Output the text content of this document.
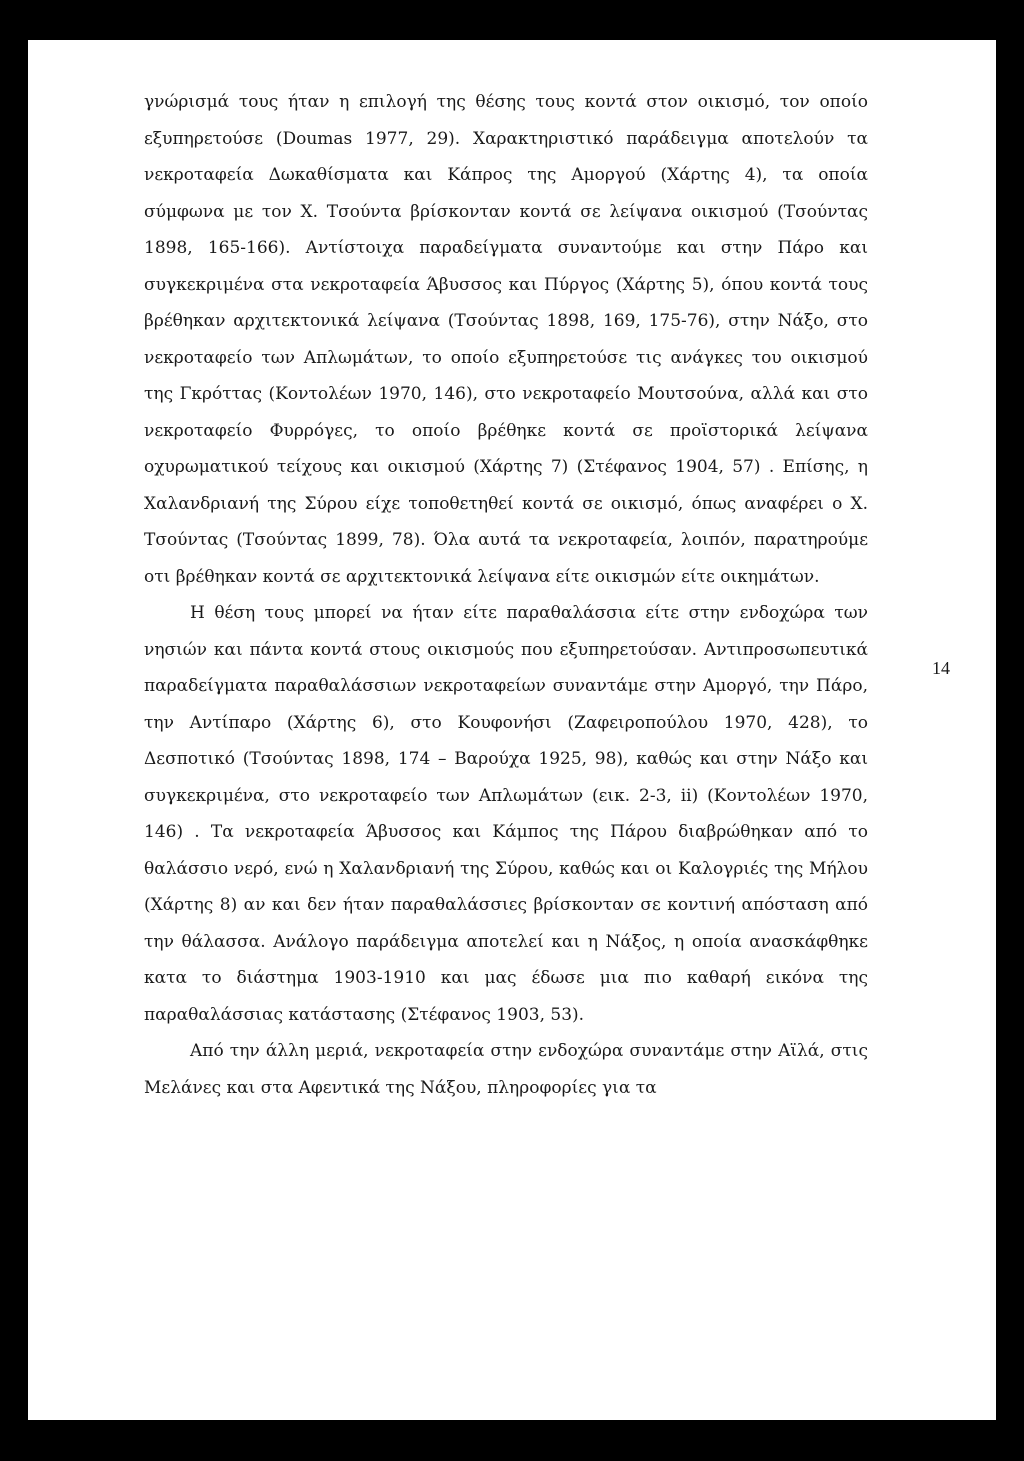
γνώρισμά τους ήταν η επιλογή της θέσης τους κοντά στον οικισμό, τον οποίο εξυπηρετούσε (Doumas 1977, 29). Χαρακτηριστικό παράδειγμα αποτελούν τα νεκροταφεία Δωκαθίσματα και Κάπρος της Αμοργού (Χάρτης 4), τα οποία σύμφωνα με τον Χ. Τσούντα βρίσκονταν κοντά σε λείψανα οικισμού (Τσούντας 1898, 165-166). Αντίστοιχα παραδείγματα συναντούμε και στην Πάρο και συγκεκριμένα στα νεκροταφεία Άβυσσος και Πύργος (Χάρτης 5), όπου κοντά τους βρέθηκαν αρχιτεκτονικά λείψανα (Τσούντας 1898, 169, 175-76), στην Νάξο, στο νεκροταφείο των Απλωμάτων, το οποίο εξυπηρετούσε τις ανάγκες του οικισμού της Γκρόττας (Κοντολέων 1970, 146), στο νεκροταφείο Μουτσούνα, αλλά και στο νεκροταφείο Φυρρόγες, το οποίο βρέθηκε κοντά σε προϊστορικά λείψανα οχυρωματικού τείχους και οικισμού (Χάρτης 7) (Στέφανος 1904, 57) . Επίσης, η Χαλανδριανή της Σύρου είχε τοποθετηθεί κοντά σε οικισμό, όπως αναφέρει ο Χ. Τσούντας (Τσούντας 1899, 78). Όλα αυτά τα νεκροταφεία, λοιπόν, παρατηρούμε οτι βρέθηκαν κοντά σε αρχιτεκτονικά λείψανα είτε οικισμών είτε οικημάτων.

Η θέση τους μπορεί να ήταν είτε παραθαλάσσια είτε στην ενδοχώρα των νησιών και πάντα κοντά στους οικισμούς που εξυπηρετούσαν. Αντιπροσωπευτικά παραδείγματα παραθαλάσσιων νεκροταφείων συναντάμε στην Αμοργό, την Πάρο, την Αντίπαρο (Χάρτης 6), στο Κουφονήσι (Ζαφειροπούλου 1970, 428), το Δεσποτικό (Τσούντας 1898, 174 – Βαρούχα 1925, 98), καθώς και στην Νάξο και συγκεκριμένα, στο νεκροταφείο των Απλωμάτων (εικ. 2-3, ii) (Κοντολέων 1970, 146) . Τα νεκροταφεία Άβυσσος και Κάμπος της Πάρου διαβρώθηκαν από το θαλάσσιο νερό, ενώ η Χαλανδριανή της Σύρου, καθώς και οι Καλογριές της Μήλου (Χάρτης 8) αν και δεν ήταν παραθαλάσσιες βρίσκονταν σε κοντινή απόσταση από την θάλασσα. Ανάλογο παράδειγμα αποτελεί και η Νάξος, η οποία ανασκάφθηκε κατα το διάστημα 1903-1910 και μας έδωσε μια πιο καθαρή εικόνα της παραθαλάσσιας κατάστασης (Στέφανος 1903, 53).

Από την άλλη μεριά, νεκροταφεία στην ενδοχώρα συναντάμε στην Αϊλά, στις Μελάνες και στα Αφεντικά της Νάξου, πληροφορίες για τα

14
